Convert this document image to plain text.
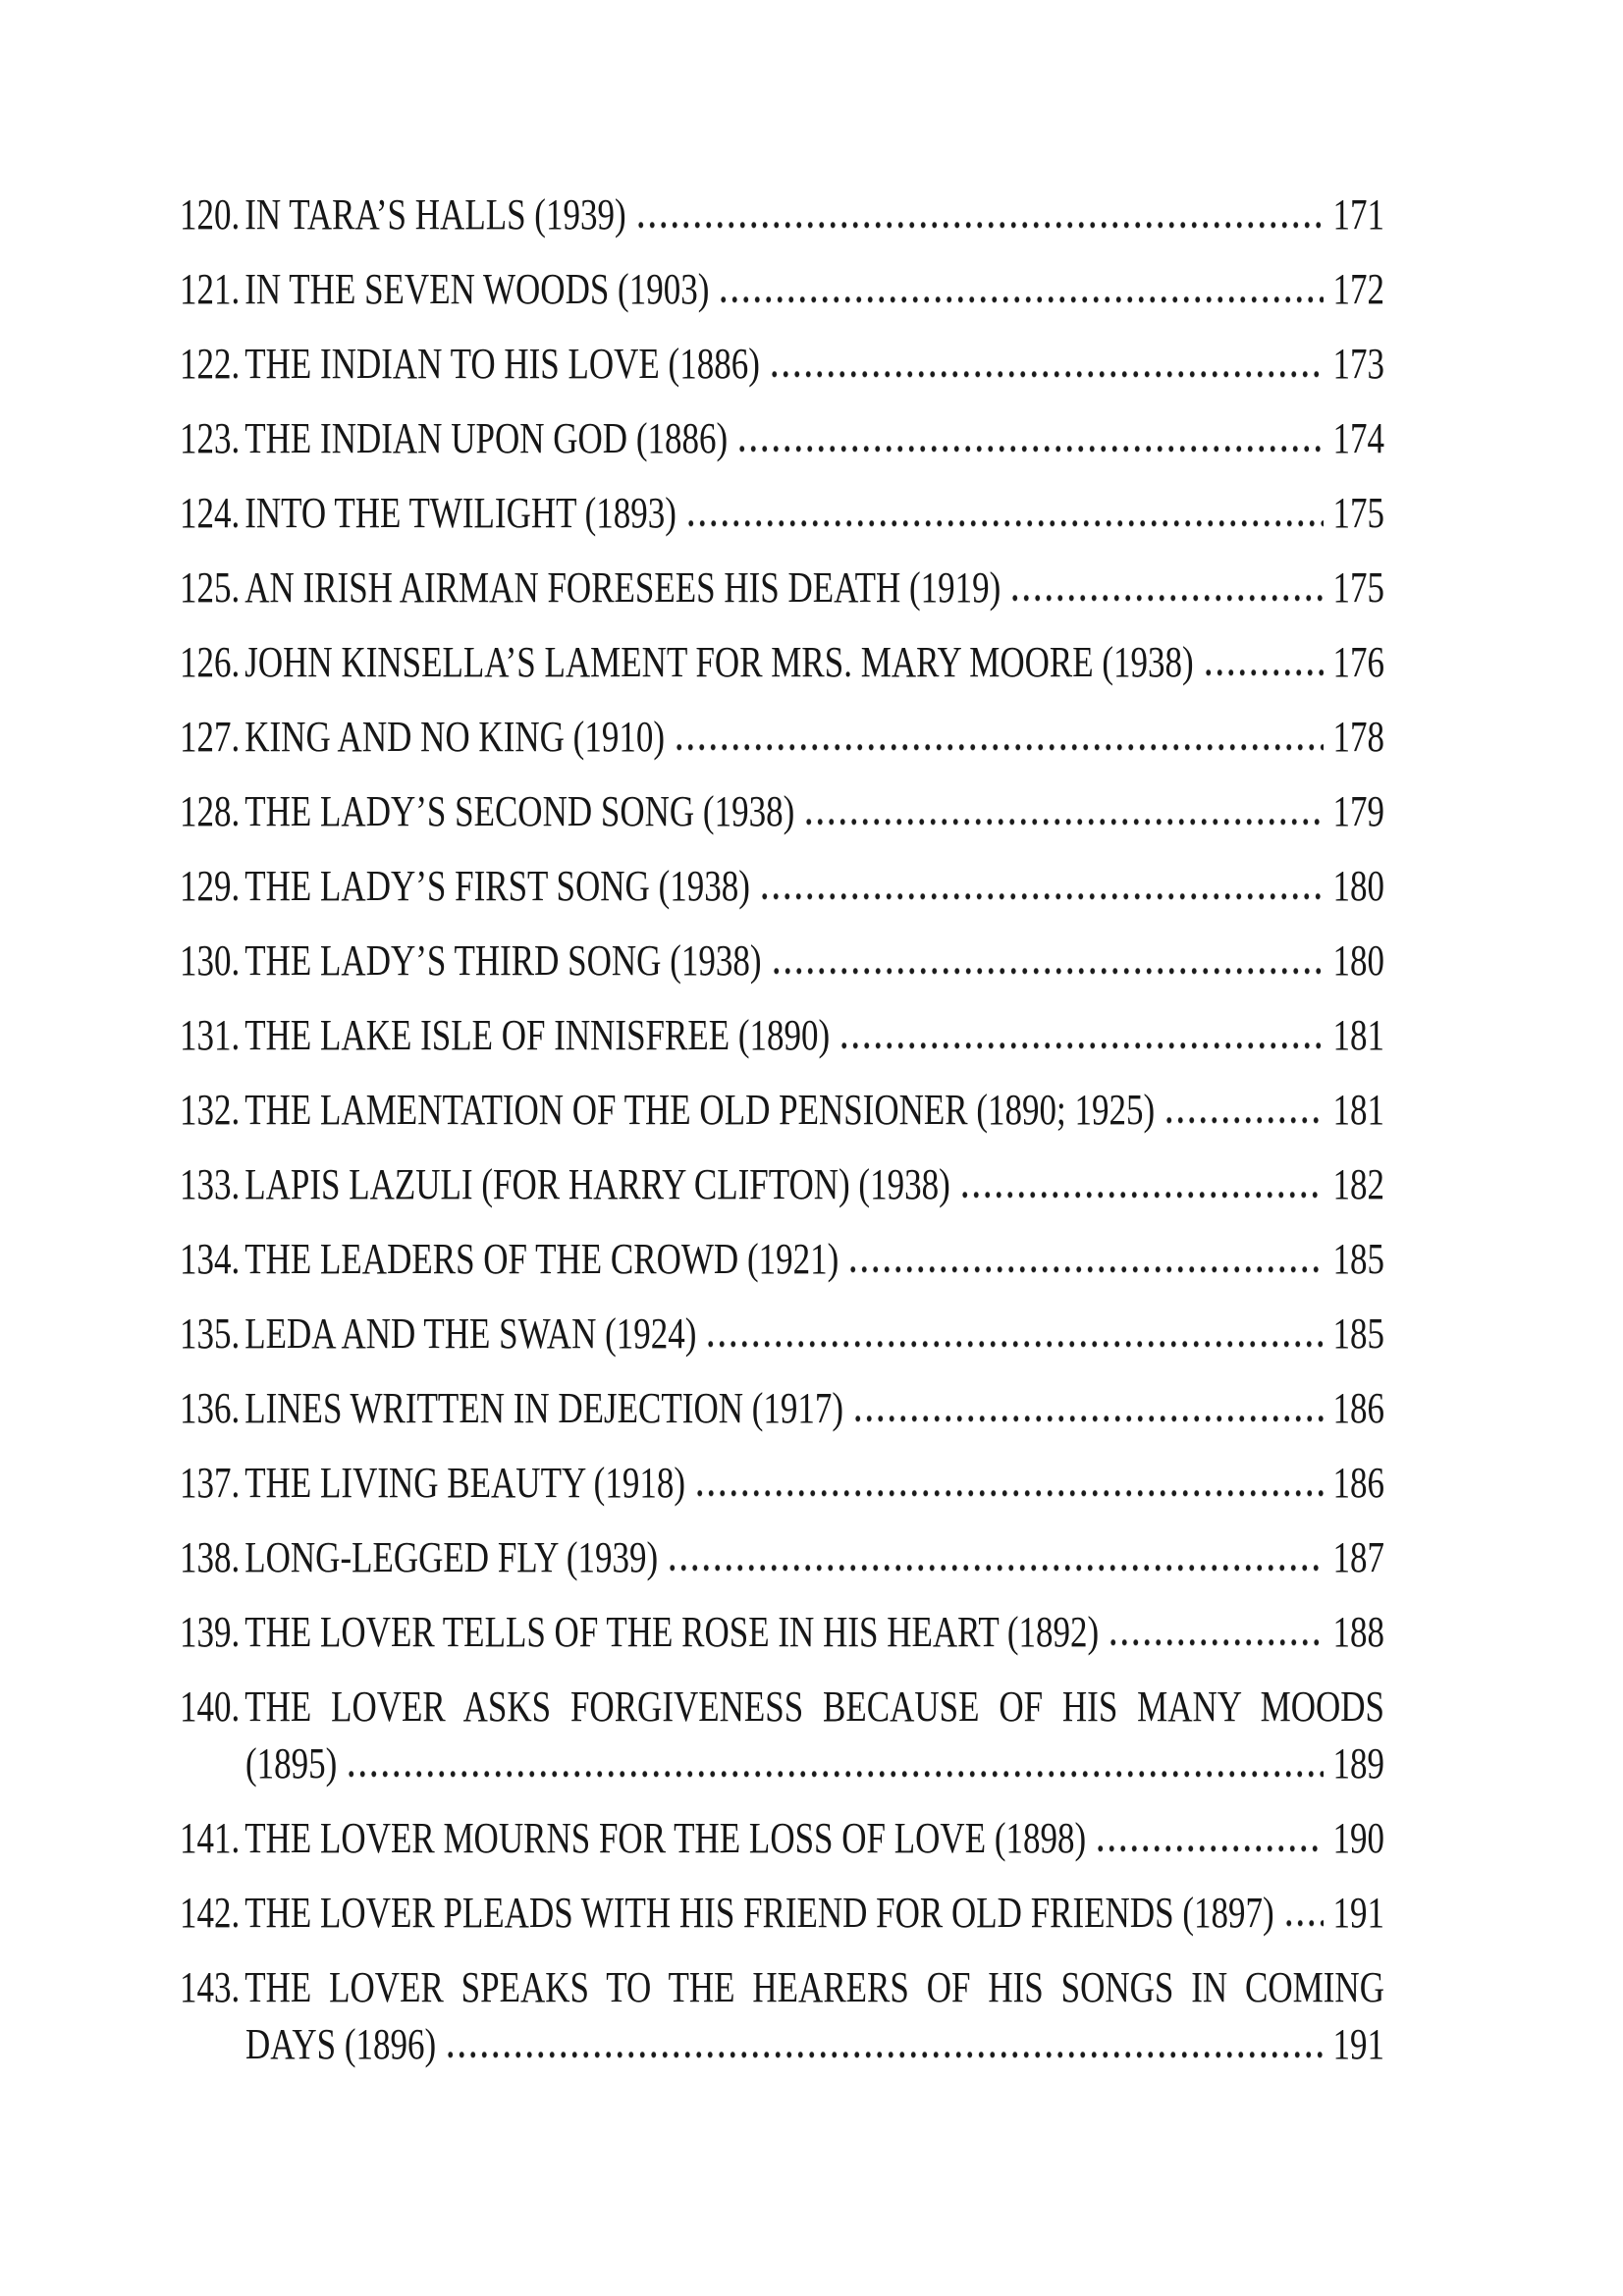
120. IN TARA’S HALLS (1939)	171
121. IN THE SEVEN WOODS (1903)	172
122. THE INDIAN TO HIS LOVE (1886)	173
123. THE INDIAN UPON GOD (1886)	174
124. INTO THE TWILIGHT (1893)	175
125. AN IRISH AIRMAN FORESEES HIS DEATH (1919)	175
126. JOHN KINSELLA’S LAMENT FOR MRS. MARY MOORE (1938)	176
127. KING AND NO KING (1910)	178
128. THE LADY’S SECOND SONG (1938)	179
129. THE LADY’S FIRST SONG (1938)	180
130. THE LADY’S THIRD SONG (1938)	180
131. THE LAKE ISLE OF INNISFREE (1890)	181
132. THE LAMENTATION OF THE OLD PENSIONER (1890; 1925)	181
133. LAPIS LAZULI (FOR HARRY CLIFTON) (1938)	182
134. THE LEADERS OF THE CROWD (1921)	185
135. LEDA AND THE SWAN (1924)	185
136. LINES WRITTEN IN DEJECTION (1917)	186
137. THE LIVING BEAUTY (1918)	186
138. LONG-LEGGED FLY (1939)	187
139. THE LOVER TELLS OF THE ROSE IN HIS HEART (1892)	188
140. THE LOVER ASKS FORGIVENESS BECAUSE OF HIS MANY MOODS
(1895)	189
141. THE LOVER MOURNS FOR THE LOSS OF LOVE (1898)	190
142. THE LOVER PLEADS WITH HIS FRIEND FOR OLD FRIENDS (1897) 191
143. THE LOVER SPEAKS TO THE HEARERS OF HIS SONGS IN COMING
DAYS (1896)	191
